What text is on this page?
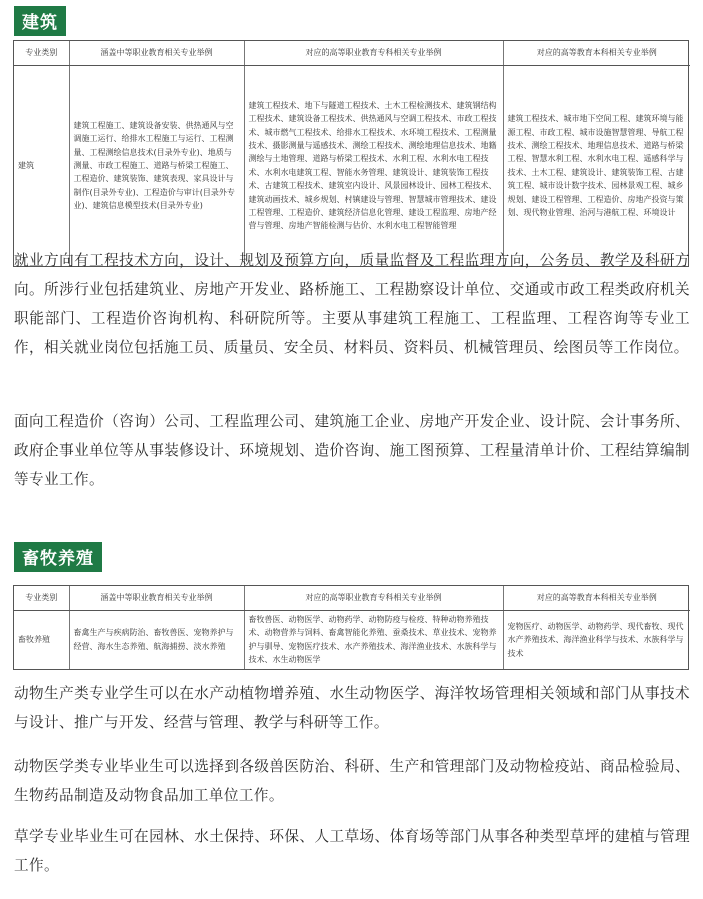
建筑
专业类别	涵盖中等职业教育相关专业举例	对应的高等职业教育专科相关专业举例	对应的高等教育本科相关专业举例
建筑	建筑工程施工、建筑设备安装、供热通风与空调施工运行、给排水工程施工与运行、工程测量、工程测绘信息技术(目录外专业)、地质与测量、市政工程施工、道路与桥梁工程施工、工程造价、建筑装饰、建筑表现、家具设计与制作(目录外专业)、工程造价与审计(目录外专业)、建筑信息模型技术(目录外专业)	建筑工程技术、地下与隧道工程技术、土木工程检测技术、建筑钢结构工程技术、建筑设备工程技术、供热通风与空调工程技术、市政工程技术、城市燃气工程技术、给排水工程技术、水环境工程技术、工程测量技术、摄影测量与遥感技术、测绘工程技术、测绘地理信息技术、地籍测绘与土地管理、道路与桥梁工程技术、水利工程、水利水电工程技术、水利水电建筑工程、智能水务管理、建筑设计、建筑装饰工程技术、古建筑工程技术、建筑室内设计、风景园林设计、园林工程技术、建筑动画技术、城乡规划、村镇建设与管理、智慧城市管理技术、建设工程管理、工程造价、建筑经济信息化管理、建设工程监理、房地产经营与管理、房地产智能检测与估价、水利水电工程智能管理	建筑工程技术、城市地下空间工程、建筑环境与能源工程、市政工程、城市设施智慧管理、导航工程技术、测绘工程技术、地理信息技术、道路与桥梁工程、智慧水利工程、水利水电工程、遥感科学与技术、土木工程、建筑设计、建筑装饰工程、古建筑工程、城市设计数字技术、园林景观工程、城乡规划、建设工程管理、工程造价、房地产投资与策划、现代物业管理、治河与港航工程、环境设计

就业方向有工程技术方向，设计、规划及预算方向，质量监督及工程监理方向，公务员、教学及科研方向。所涉行业包括建筑业、房地产开发业、路桥施工、工程勘察设计单位、交通或市政工程类政府机关职能部门、工程造价咨询机构、科研院所等。主要从事建筑工程施工、工程监理、工程咨询等专业工作，相关就业岗位包括施工员、质量员、安全员、材料员、资料员、机械管理员、绘图员等工作岗位。

面向工程造价（咨询）公司、工程监理公司、建筑施工企业、房地产开发企业、设计院、会计事务所、政府企事业单位等从事装修设计、环境规划、造价咨询、施工图预算、工程量清单计价、工程结算编制等专业工作。

畜牧养殖
专业类别	涵盖中等职业教育相关专业举例	对应的高等职业教育专科相关专业举例	对应的高等教育本科相关专业举例
畜牧养殖	畜禽生产与疾病防治、畜牧兽医、宠物养护与经营、海水生态养殖、航海捕捞、淡水养殖	畜牧兽医、动物医学、动物药学、动物防疫与检疫、特种动物养殖技术、动物营养与饲料、畜禽智能化养殖、蚕桑技术、草业技术、宠物养护与驯导、宠物医疗技术、水产养殖技术、海洋渔业技术、水族科学与技术、水生动物医学	宠物医疗、动物医学、动物药学、现代畜牧、现代水产养殖技术、海洋渔业科学与技术、水族科学与技术

动物生产类专业学生可以在水产动植物增养殖、水生动物医学、海洋牧场管理相关领域和部门从事技术与设计、推广与开发、经营与管理、教学与科研等工作。

动物医学类专业毕业生可以选择到各级兽医防治、科研、生产和管理部门及动物检疫站、商品检验局、生物药品制造及动物食品加工单位工作。

草学专业毕业生可在园林、水土保持、环保、人工草场、体育场等部门从事各种类型草坪的建植与管理工作。
